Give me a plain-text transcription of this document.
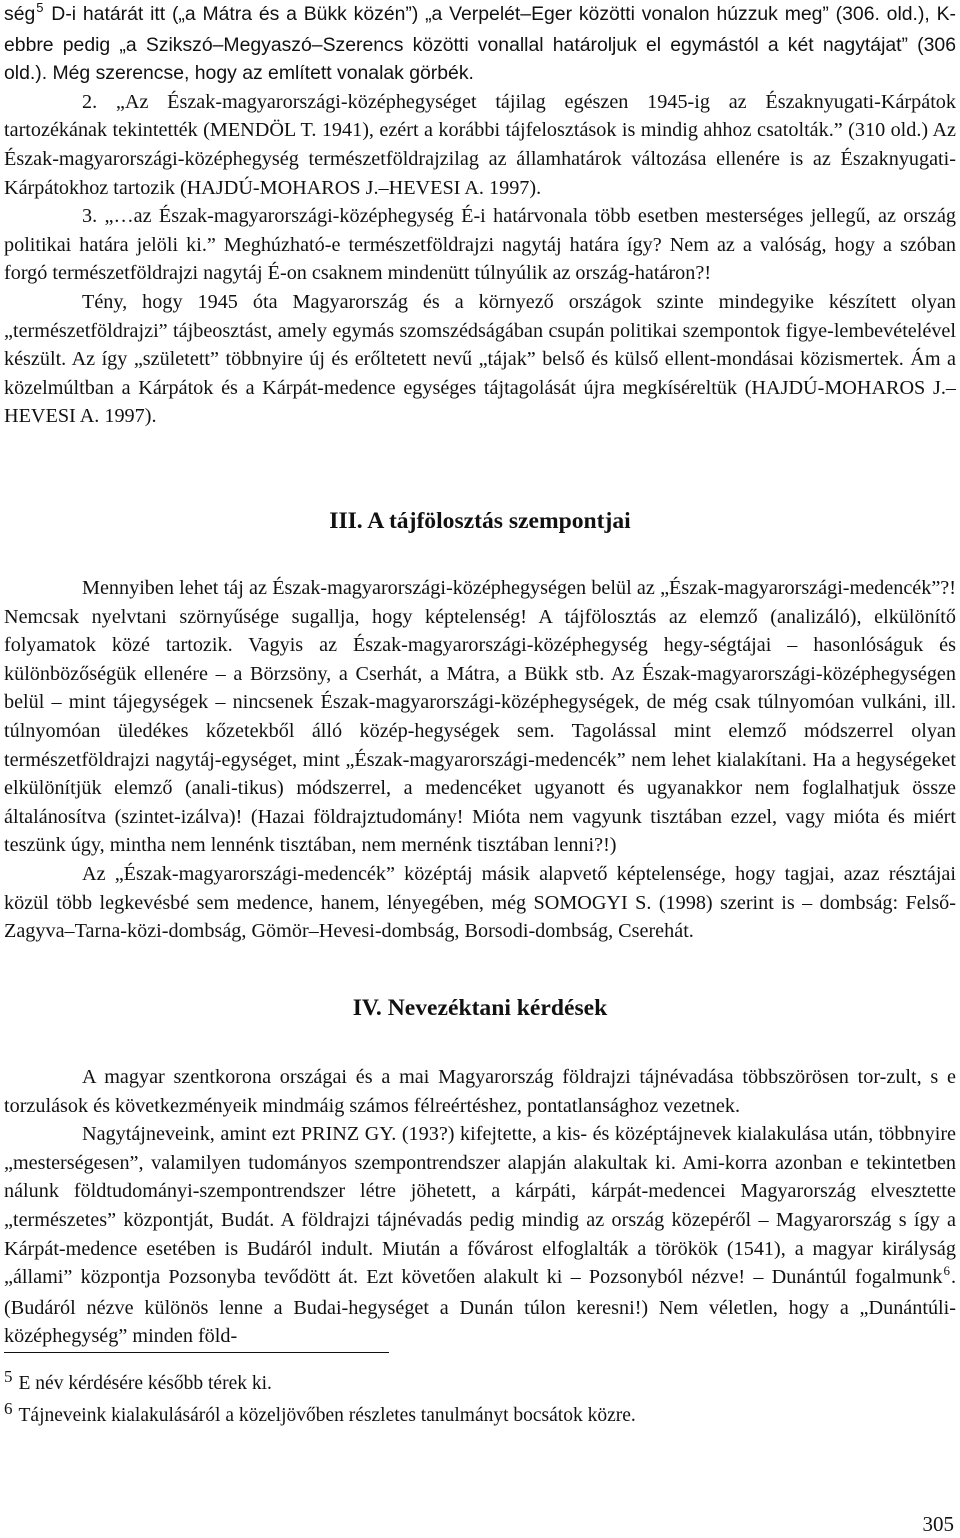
ség$^5$ D-i határát itt („a Mátra és a Bükk közén”) „a Verpelét–Eger közötti vonalon húzzuk meg” (306. old.), K-ebbre pedig „a Szikszó–Megyaszó–Szerencs közötti vonallal határoljuk el egymástól a két nagytájat” (306 old.). Még szerencse, hogy az említett vonalak görbék.

2. „Az Észak-magyarországi-középhegységet tájilag egészen 1945-ig az Északnyugati-Kárpátok tartozékának tekintették (MENDÖL T. 1941), ezért a korábbi tájfelosztások is mindig ahhoz csatolták.” (310 old.) Az Észak-magyarországi-középhegység természetföldrajzilag az államhatárok változása ellenére is az Északnyugati-Kárpátokhoz tartozik (HAJDÚ-MOHAROS J.–HEVESI A. 1997).

3. „…az Észak-magyarországi-középhegység É-i határvonala több esetben mesterséges jellegű, az ország politikai határa jelöli ki.” Meghúzható-e természetföldrajzi nagytáj határa így? Nem az a valóság, hogy a szóban forgó természetföldrajzi nagytáj É-on csaknem mindenütt túlnyúlik az ország-határon?!

Tény, hogy 1945 óta Magyarország és a környező országok szinte mindegyike készített olyan „természetföldrajzi” tájbeosztást, amely egymás szomszédságában csupán politikai szempontok figye-lembevételével készült. Az így „született” többnyire új és erőltetett nevű „tájak” belső és külső ellent-mondásai közismertek. Ám a közelmúltban a Kárpátok és a Kárpát-medence egységes tájtagolását újra megkíséreltük (HAJDÚ-MOHAROS J.–HEVESI A. 1997).

III. A tájfölosztás szempontjai

Mennyiben lehet táj az Észak-magyarországi-középhegységen belül az „Észak-magyarországi-medencék”?! Nemcsak nyelvtani szörnyűsége sugallja, hogy képtelenség! A tájfölosztás az elemző (analizáló), elkülönítő folyamatok közé tartozik. Vagyis az Észak-magyarországi-középhegység hegy-ségtájai – hasonlóságuk és különbözőségük ellenére – a Börzsöny, a Cserhát, a Mátra, a Bükk stb. Az Észak-magyarországi-középhegységen belül – mint tájegységek – nincsenek Észak-magyarországi-középhegységek, de még csak túlnyomóan vulkáni, ill. túlnyomóan üledékes kőzetekből álló közép-hegységek sem. Tagolással mint elemző módszerrel olyan természetföldrajzi nagytáj-egységet, mint „Észak-magyarországi-medencék” nem lehet kialakítani. Ha a hegységeket elkülönítjük elemző (anali-tikus) módszerrel, a medencéket ugyanott és ugyanakkor nem foglalhatjuk össze általánosítva (szintet-izálva)! (Hazai földrajztudomány! Mióta nem vagyunk tisztában ezzel, vagy mióta és miért teszünk úgy, mintha nem lennénk tisztában, nem mernénk tisztában lenni?!)

Az „Észak-magyarországi-medencék” középtáj másik alapvető képtelensége, hogy tagjai, azaz résztájai közül több legkevésbé sem medence, hanem, lényegében, még SOMOGYI S. (1998) szerint is – dombság: Felső-Zagyva–Tarna-közi-dombság, Gömör–Hevesi-dombság, Borsodi-dombság, Cserehát.

IV. Nevezéktani kérdések

A magyar szentkorona országai és a mai Magyarország földrajzi tájnévadása többszörösen tor-zult, s e torzulások és következményeik mindmáig számos félreértéshez, pontatlansághoz vezetnek.

Nagytájneveink, amint ezt PRINZ GY. (193?) kifejtette, a kis- és középtájnevek kialakulása után, többnyire „mesterségesen”, valamilyen tudományos szempontrendszer alapján alakultak ki. Ami-korra azonban e tekintetben nálunk földtudományi-szempontrendszer létre jöhetett, a kárpáti, kárpát-medencei Magyarország elvesztette „természetes” központját, Budát. A földrajzi tájnévadás pedig mindig az ország közepéről – Magyarország s így a Kárpát-medence esetében is Budáról indult. Miután a fővárost elfoglalták a törökök (1541), a magyar királyság „állami” központja Pozsonyba tevődött át. Ezt követően alakult ki – Pozsonyból nézve! – Dunántúl fogalmunk$^6$. (Budáról nézve különös lenne a Budai-hegységet a Dunán túlon keresni!) Nem véletlen, hogy a „Dunántúli-középhegység” minden föld-

5 E név kérdésére később térek ki.
6 Tájneveink kialakulásáról a közeljövőben részletes tanulmányt bocsátok közre.
305
